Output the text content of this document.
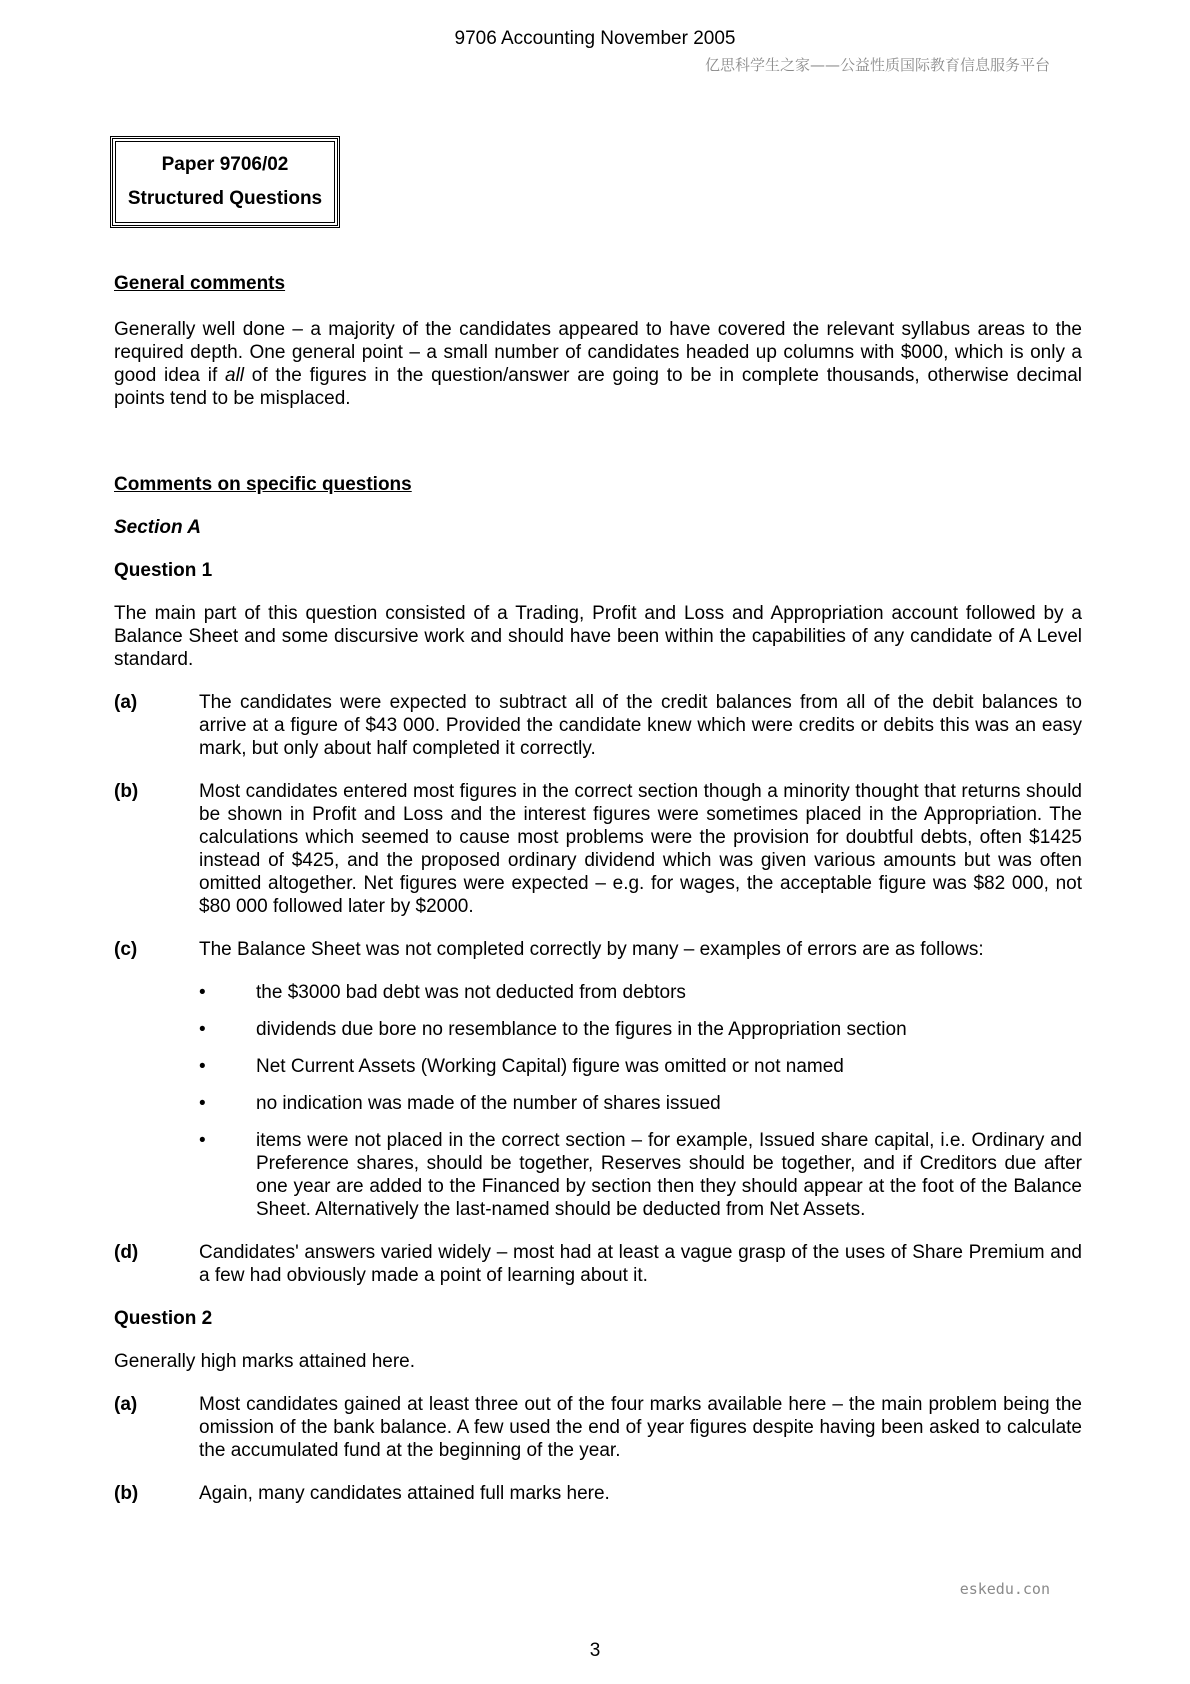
9706 Accounting November 2005
亿思科学生之家——公益性质国际教育信息服务平台
Paper 9706/02
Structured Questions

General comments

Generally well done – a majority of the candidates appeared to have covered the relevant syllabus areas to the required depth. One general point – a small number of candidates headed up columns with $000, which is only a good idea if all of the figures in the question/answer are going to be in complete thousands, otherwise decimal points tend to be misplaced.

Comments on specific questions

Section A

Question 1

The main part of this question consisted of a Trading, Profit and Loss and Appropriation account followed by a Balance Sheet and some discursive work and should have been within the capabilities of any candidate of A Level standard.

(a)	The candidates were expected to subtract all of the credit balances from all of the debit balances to arrive at a figure of $43 000. Provided the candidate knew which were credits or debits this was an easy mark, but only about half completed it correctly.
(b)	Most candidates entered most figures in the correct section though a minority thought that returns should be shown in Profit and Loss and the interest figures were sometimes placed in the Appropriation. The calculations which seemed to cause most problems were the provision for doubtful debts, often $1425 instead of $425, and the proposed ordinary dividend which was given various amounts but was often omitted altogether. Net figures were expected – e.g. for wages, the acceptable figure was $82 000, not $80 000 followed later by $2000.
(c)	The Balance Sheet was not completed correctly by many – examples of errors are as follows:
•	the $3000 bad debt was not deducted from debtors
•	dividends due bore no resemblance to the figures in the Appropriation section
•	Net Current Assets (Working Capital) figure was omitted or not named
•	no indication was made of the number of shares issued
•	items were not placed in the correct section – for example, Issued share capital, i.e. Ordinary and Preference shares, should be together, Reserves should be together, and if Creditors due after one year are added to the Financed by section then they should appear at the foot of the Balance Sheet. Alternatively the last-named should be deducted from Net Assets.
(d)	Candidates' answers varied widely – most had at least a vague grasp of the uses of Share Premium and a few had obviously made a point of learning about it.

Question 2

Generally high marks attained here.

(a)	Most candidates gained at least three out of the four marks available here – the main problem being the omission of the bank balance. A few used the end of year figures despite having been asked to calculate the accumulated fund at the beginning of the year.
(b)	Again, many candidates attained full marks here.
eskedu.con
3
